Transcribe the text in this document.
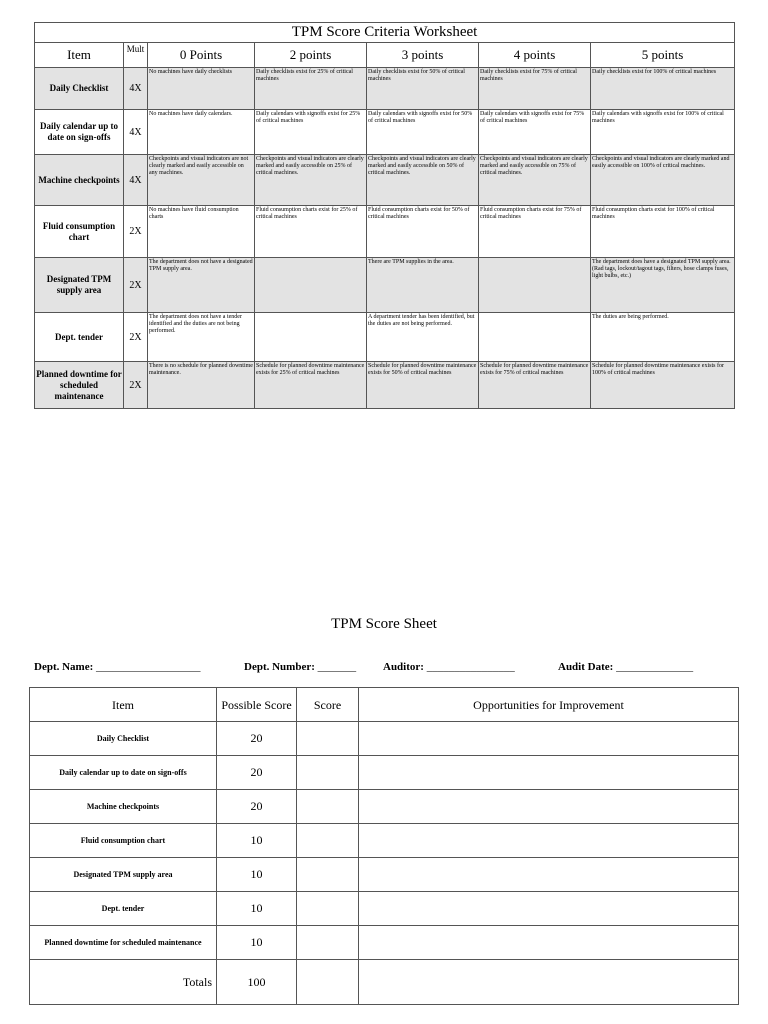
TPM Score Criteria Worksheet						
Item	Mult	0 Points	2 points	3 points	4 points	5 points
Daily Checklist	4X	No machines have daily checklists	Daily checklists exist for 25% of critical machines	Daily checklists exist for 50% of critical machines	Daily checklists exist for 75% of critical machines	Daily checklists exist for 100% of critical machines
Daily calendar up to date on sign-offs	4X	No machines have daily calendars.	Daily calendars with signoffs exist for 25% of critical machines	Daily calendars with signoffs exist for 50% of critical machines	Daily calendars with signoffs exist for 75% of critical machines	Daily calendars with signoffs exist for 100% of critical machines
Machine checkpoints	4X	Checkpoints and visual indicators are not clearly marked and easily accessible on any machines.	Checkpoints and visual indicators are clearly marked and easily accessible on 25% of critical machines.	Checkpoints and visual indicators are clearly marked and easily accessible on 50% of critical machines.	Checkpoints and visual indicators are clearly marked and easily accessible on 75% of critical machines.	Checkpoints and visual indicators are clearly marked and easily accessible on 100% of critical machines.
Fluid consumption chart	2X	No machines have fluid consumption charts	Fluid consumption charts exist for 25% of critical machines	Fluid consumption charts exist for 50% of critical machines	Fluid consumption charts exist for 75% of critical machines	Fluid consumption charts exist for 100% of critical machines
Designated TPM supply area	2X	The department does not have a designated TPM supply area.		There are TPM supplies in the area.		The department does have a designated TPM supply area. (Rad tags, lockout/tagout tags, filters, hose clamps fuses, light bulbs, etc.)
Dept. tender	2X	The department does not have a tender identified and the duties are not being performed.		A department tender has been identified, but the duties are not being performed.		The duties are being performed.
Planned downtime for scheduled maintenance	2X	There is no schedule for planned downtime maintenance.	Schedule for planned downtime maintenance exists for 25% of critical machines	Schedule for planned downtime maintenance exists for 50% of critical machines	Schedule for planned downtime maintenance exists for 75% of critical machines	Schedule for planned downtime maintenance exists for 100% of critical machines
TPM Score Sheet
Dept. Name: ___________________	Dept. Number: _______ Auditor: ________________	Audit Date: ______________
Item	Possible Score	Score	Opportunities for Improvement
Daily Checklist	20		
Daily calendar up to date on sign-offs	20		
Machine checkpoints	20		
Fluid consumption chart	10		
Designated TPM supply area	10		
Dept. tender	10		
Planned downtime for scheduled maintenance	10		
Totals	100		
